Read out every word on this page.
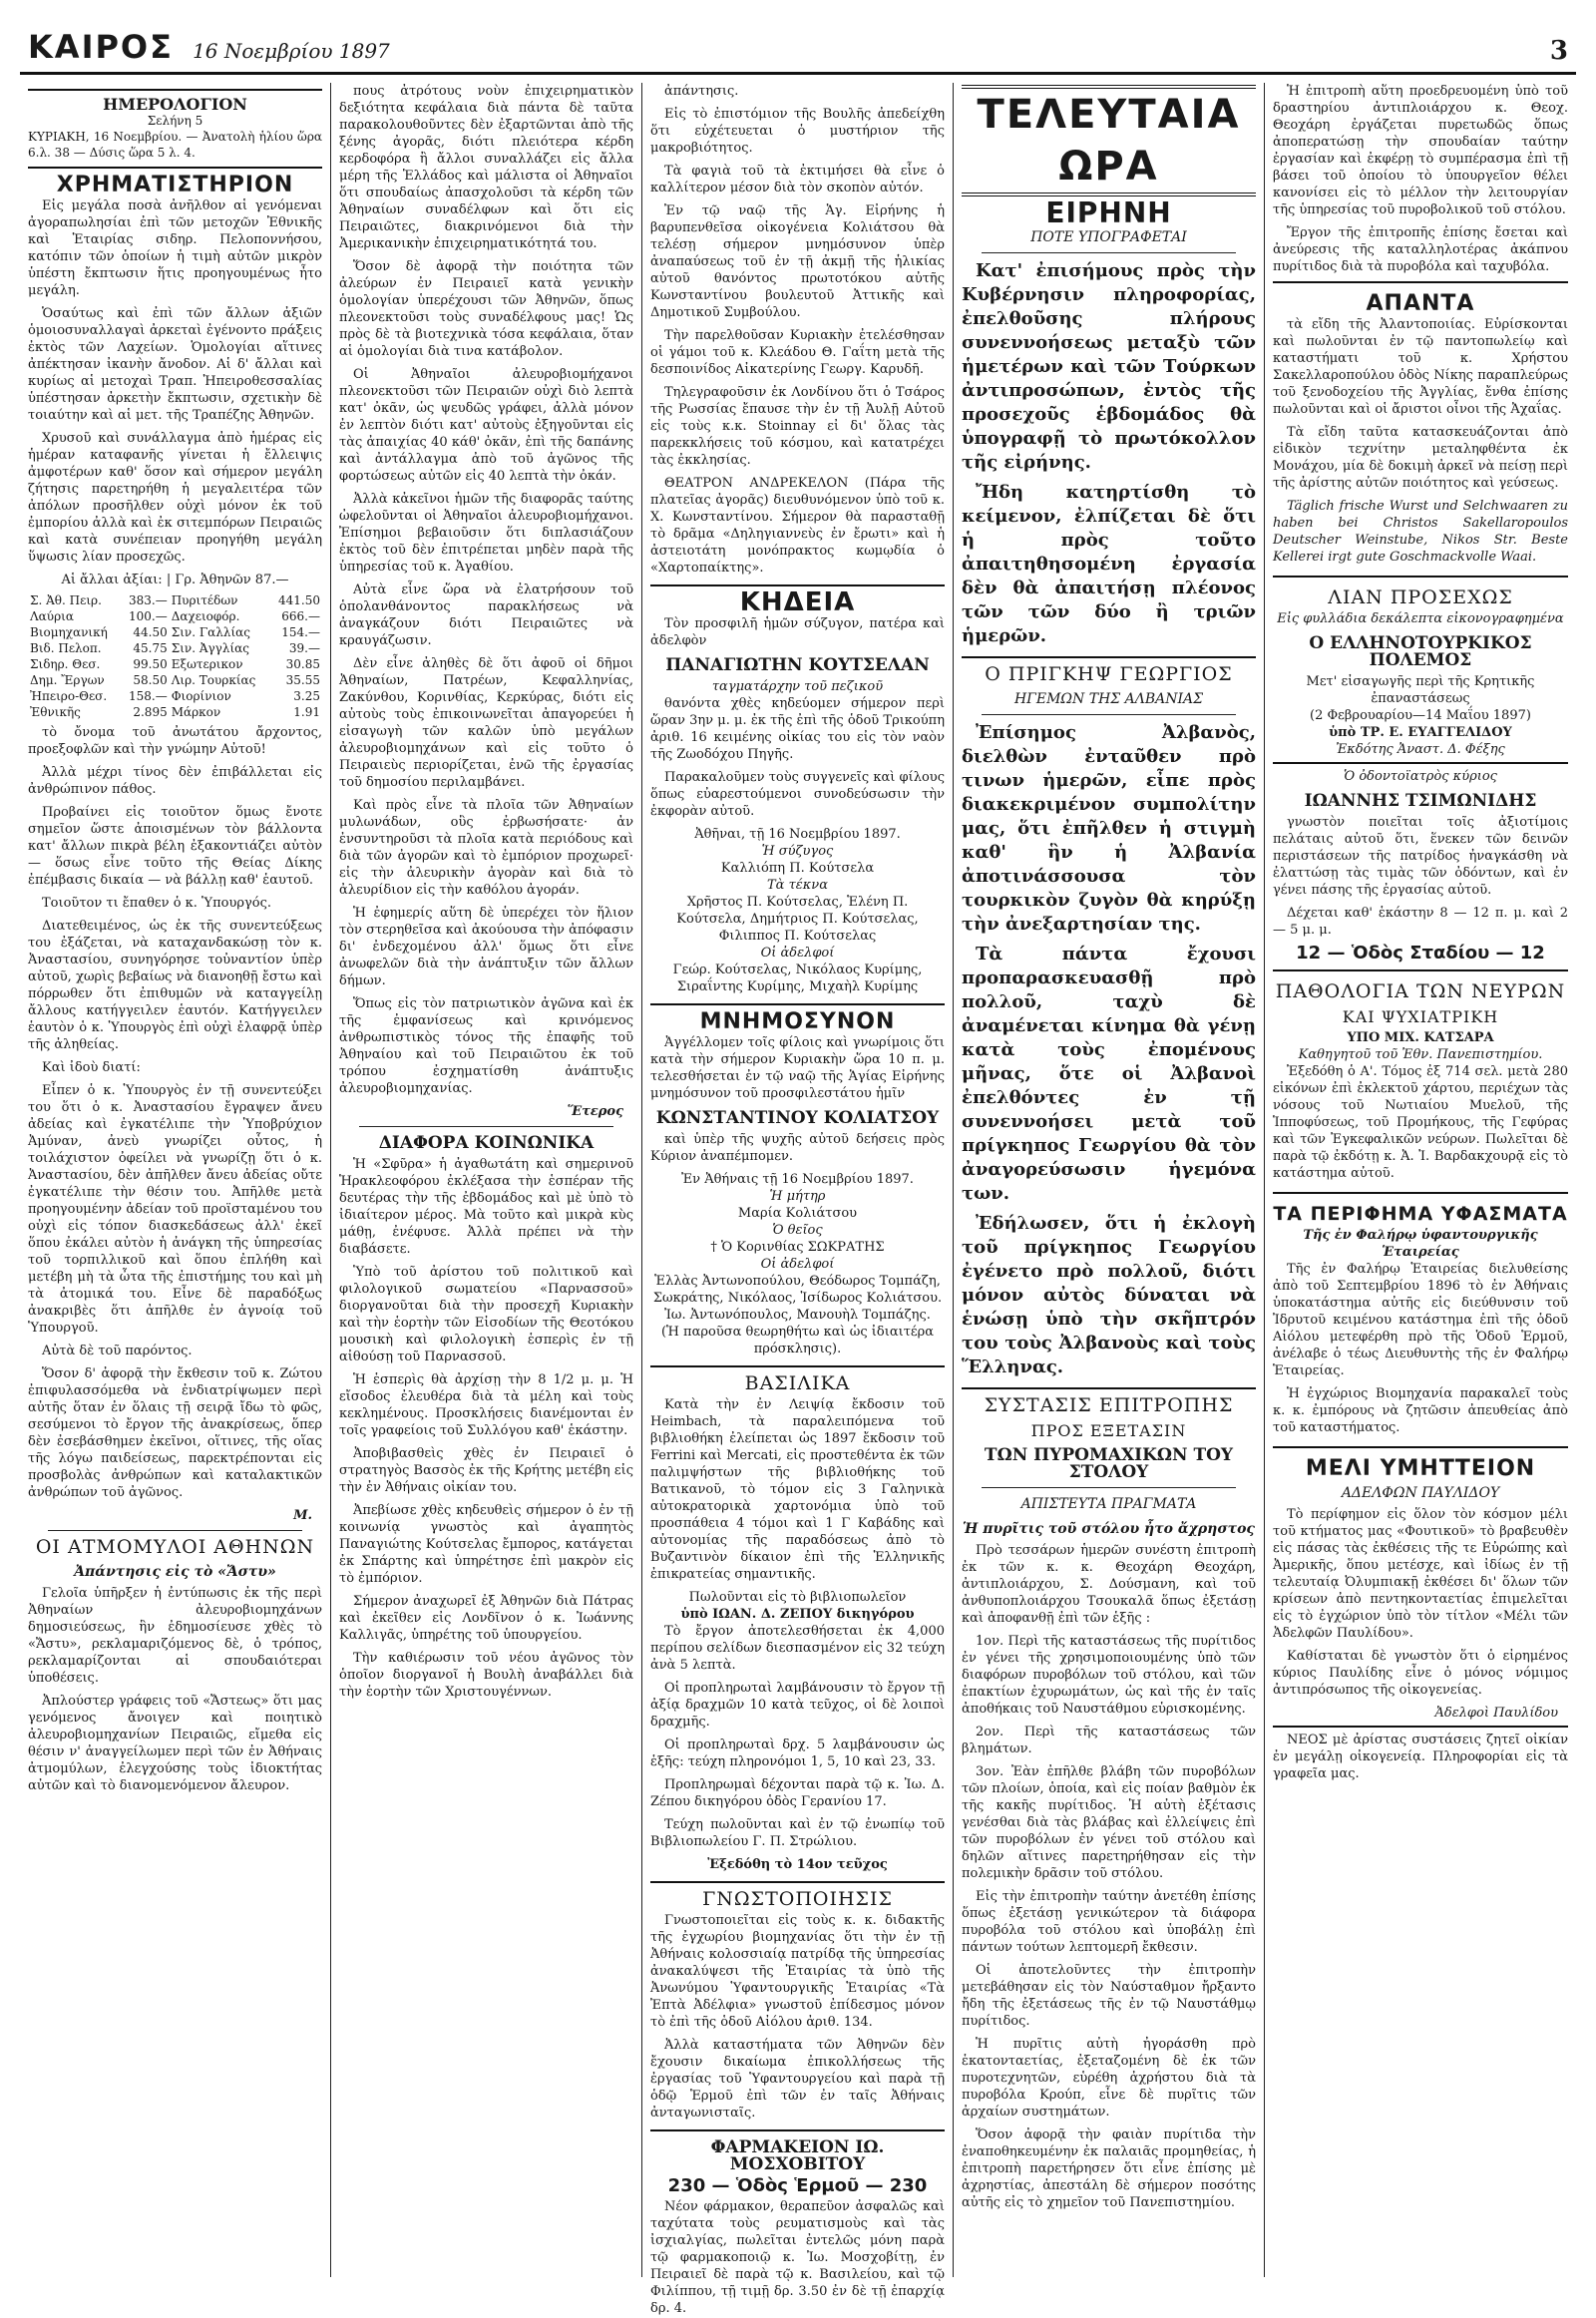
ΚΑΙΡΟΣ 16 Νοεμβρίου 1897	3
ΗΜΕΡΟΛΟΓΙΟΝ
Σελήνη 5
ΚΥΡΙΑΚΗ, 16 Νοεμβρίου. — Ἀνατολὴ ἡλίου ὥρα 6.λ. 38 — Δύσις ὥρα 5 λ. 4.
ΧΡΗΜΑΤΙΣΤΗΡΙΟΝ

Εἰς μεγάλα ποσὰ ἀνῆλθον αἱ γενόμεναι ἀγοραπωλησίαι ἐπὶ τῶν μετοχῶν Ἐθνικῆς καὶ Ἑταιρίας σιδηρ. Πελοποννήσου, κατόπιν τῶν ὁποίων ἡ τιμὴ αὐτῶν μικρὸν ὑπέστη ἔκπτωσιν ἥτις προηγουμένως ἦτο μεγάλη.

Ὁσαύτως καὶ ἐπὶ τῶν ἄλλων ἀξιῶν ὁμοιοσυναλλαγαὶ ἀρκεταὶ ἐγένοντο πράξεις ἐκτὸς τῶν Λαχείων. Ὁμολογίαι αἵτινες ἀπέκτησαν ἰκανὴν ἄνοδον. Αἱ δ' ἄλλαι καὶ κυρίως αἱ μετοχαὶ Τραπ. Ἠπειροθεσσαλίας ὑπέστησαν ἀρκετὴν ἔκπτωσιν, σχετικὴν δὲ τοιαύτην καὶ αἱ μετ. τῆς Τραπέζης Ἀθηνῶν.

Χρυσοῦ καὶ συνάλλαγμα ἀπὸ ἡμέρας εἰς ἡμέραν καταφανῆς γίνεται ἡ ἔλλειψις ἀμφοτέρων καθ' ὅσον καὶ σήμερον μεγάλη ζήτησις παρετηρήθη ἡ μεγαλειτέρα τῶν ἀπόλων προσῆλθεν οὐχὶ μόνον ἐκ τοῦ ἐμπορίου ἀλλὰ καὶ ἐκ σιτεμπόρων Πειραιῶς καὶ κατὰ συνέπειαν προηγήθη μεγάλη ὕψωσις λίαν προσεχῶς.

Αἱ ἄλλαι ἀξίαι: | Γρ. Ἀθηνῶν 87.—
Σ. Ἀθ. Πειρ.	383.—	Πυριτέδων	441.50
Λαύρια	100.—	Δαχειοφόρ.	666.—
Βιομηχανική	44.50	Σιν. Γαλλίας	154.—
Βιδ. Πελοπ.	45.75	Σιν. Ἀγγλίας	39.—
Σιδηρ. Θεσ.	99.50	Εξωτερικον	30.85
Δημ. Ἔργων	58.50	Λιρ. Τουρκίας	35.55
Ἠπειρο-Θεσ.	158.—	Φιορίνιον	3.25
Ἐθνικῆς	2.895	Μάρκον	1.91

τὸ ὄνομα τοῦ ἀνωτάτου ἄρχοντος, προεξοφλῶν καὶ τὴν γνώμην Αὐτοῦ!

Ἀλλὰ μέχρι τίνος δὲν ἐπιβάλλεται εἰς ἀνθρώπινον πάθος.

Προβαίνει εἰς τοιοῦτον ὅμως ἔνοτε σημεῖον ὥστε ἀποισμένων τὸν βάλλοντα κατ' ἄλλων πικρὰ βέλη ἐξακοντιάζει αὐτὸν — ὅσως εἶνε τοῦτο τῆς Θείας Δίκης ἐπέμβασις δικαία — νὰ βάλλῃ καθ' ἑαυτοῦ.

Τοιοῦτον τι ἔπαθεν ὁ κ. Ὑπουργός.

Διατεθειμένος, ὡς ἐκ τῆς συνεντεύξεως του ἐξάζεται, νὰ καταχανδακώσῃ τὸν κ. Ἀναστασίου, συνηγόρησε τοὐναντίον ὑπὲρ αὐτοῦ, χωρὶς βεβαίως νὰ διανοηθῇ ἔστω καὶ πόρρωθεν ὅτι ἐπιθυμῶν νὰ καταγγείλῃ ἄλλους κατήγγειλεν ἑαυτόν. Κατήγγειλεν ἑαυτὸν ὁ κ. Ὑπουργὸς ἐπὶ οὐχὶ ἐλαφρᾷ ὑπὲρ τῆς ἀληθείας.

Καὶ ἰδοὺ διατί:

Εἶπεν ὁ κ. Ὑπουργὸς ἐν τῇ συνεντεύξει του ὅτι ὁ κ. Ἀναστασίου ἔγραψεν ἄνευ ἀδείας καὶ ἐγκατέλιπε τὴν Ὑποβρύχιον Ἀμύναν, ἀνεὺ γνωρίζει οὗτος, ἡ τοιλάχιστον ὀφείλει νὰ γνωρίζῃ ὅτι ὁ κ. Ἀναστασίου, δὲν ἀπῆλθεν ἄνευ ἀδείας οὔτε ἐγκατέλιπε τὴν θέσιν του. Ἀπῆλθε μετὰ προηγουμένην ἀδείαν τοῦ προϊσταμένου του οὐχὶ εἰς τόπον διασκεδάσεως ἀλλ' ἐκεῖ ὅπου ἐκάλει αὐτὸν ἡ ἀνάγκη τῆς ὑπηρεσίας τοῦ τορπιλλικοῦ καὶ ὅπου ἐπλήθη καὶ μετέβη μὴ τὰ ὦτα τῆς ἐπιστήμης του καὶ μὴ τὰ ἀτομικά του. Εἶνε δὲ παραδόξως ἀνακριβὲς ὅτι ἀπῆλθε ἐν ἀγνοίᾳ τοῦ Ὑπουργοῦ.

Αὐτὰ δὲ τοῦ παρόντος.

Ὅσον δ' ἀφορᾷ τὴν ἔκθεσιν τοῦ κ. Ζώτου ἐπιφυλασσόμεθα νὰ ἐνδιατρίψωμεν περὶ αὐτῆς ὅταν ἐν ὅλαις τῇ σειρᾷ ἴδω τὸ φῶς, σεσύμενοι τὸ ἔργον τῆς ἀνακρίσεως, ὅπερ δὲν ἐσεβάσθημεν ἐκεῖνοι, οἵτινες, τῆς οἵας τῆς λόγω παιδείσεως, παρεκτρέπονται εἰς προσβολὰς ἀνθρώπων καὶ καταλακτικῶν ἀνθρώπων τοῦ ἀγῶνος.

Μ.
ΟΙ ΑΤΜΟΜΥΛΟΙ ΑΘΗΝΩΝ
Ἀπάντησις εἰς τὸ «Ἄστυ»

Γελοῖα ὑπῆρξεν ἡ ἐντύπωσις ἐκ τῆς περὶ Ἀθηναίων ἀλευροβιομηχάνων δημοσιεύσεως, ἣν ἐδημοσίευσε χθὲς τὸ «Ἄστυ», ρεκλαμαριζόμενος δὲ, ὁ τρόπος, ρεκλαμαρίζονται αἱ σπουδαιότεραι ὑποθέσεις.

Ἀπλούστερ γράφεις τοῦ «Ἄστεως» ὅτι μας γενόμενος ἄνοιγεν καὶ ποιητικὸ ἀλευροβιομηχανίων Πειραιῶς, εἴμεθα εἰς θέσιν ν' ἀναγγείλωμεν περὶ τῶν ἐν Ἀθήναις ἀτμομύλων, ἐλεγχούσης τοὺς ἰδιοκτήτας αὐτῶν καὶ τὸ διανομενόμενον ἄλευρον.

πους ἀτρότους νοὺν ἐπιχειρηματικὸν δεξιότητα κεφάλαια διὰ πάντα δὲ ταῦτα παρακολουθοῦντες δὲν ἐξαρτῶνται ἀπὸ τῆς ξένης ἀγορᾶς, διότι πλειότερα κέρδη κερδοφόρα ἢ ἄλλοι συναλλάζει εἰς ἄλλα μέρη τῆς Ἑλλάδος καὶ μάλιστα οἱ Ἀθηναῖοι ὅτι σπουδαίως ἀπασχολοῦσι τὰ κέρδη τῶν Ἀθηναίων συναδέλφων καὶ ὅτι εἰς Πειραιῶτες, διακρινόμενοι διὰ τὴν Ἀμερικανικὴν ἐπιχειρηματικότητά του.

Ὅσον δὲ ἀφορᾷ τὴν ποιότητα τῶν ἀλεύρων ἐν Πειραιεῖ κατὰ γενικὴν ὁμολογίαν ὑπερέχουσι τῶν Ἀθηνῶν, ὅπως πλεονεκτοῦσι τοὺς συναδέλφους μας! Ὡς πρὸς δὲ τὰ βιοτεχνικὰ τόσα κεφάλαια, ὅταν αἱ ὁμολογίαι διὰ τινα κατάβολον.

Οἱ Ἀθηναῖοι ἀλευροβιομήχανοι πλεονεκτοῦσι τῶν Πειραιῶν οὐχὶ διὸ λεπτὰ κατ' ὀκᾶν, ὡς ψευδῶς γράφει, ἀλλὰ μόνον ἐν λεπτὸν διότι κατ' αὐτοὺς ἐξηγοῦνται εἰς τὰς ἀπαιχίας 40 κάθ' ὀκᾶν, ἐπὶ τῆς δαπάνης καὶ ἀντάλλαγμα ἀπὸ τοῦ ἀγῶνος τῆς φορτώσεως αὐτῶν εἰς 40 λεπτὰ τὴν ὀκάν.

Ἀλλὰ κἀκεῖνοι ἡμῶν τῆς διαφορᾶς ταύτης ὠφελοῦνται οἱ Ἀθηναῖοι ἀλευροβιομήχανοι. Ἐπίσημοι βεβαιοῦσιν ὅτι διπλασιάζουν ἐκτὸς τοῦ δὲν ἐπιτρέπεται μηδὲν παρὰ τῆς ὑπηρεσίας τοῦ κ. Ἀγαθίου.

Αὐτὰ εἶνε ὥρα νὰ ἐλατρήσουν τοῦ ὁπολανθάνοντος παρακλήσεως νὰ ἀναγκάζουν διότι Πειραιῶτες νὰ κραυγάζωσιν.

Δὲν εἶνε ἀληθὲς δὲ ὅτι ἀφοῦ οἱ δῆμοι Ἀθηναίων, Πατρέων, Κεφαλληνίας, Ζακύνθου, Κορινθίας, Κερκύρας, διότι εἰς αὐτοὺς τοὺς ἐπικοινωνεῖται ἀπαγορεύει ἡ εἰσαγωγὴ τῶν καλῶν ὑπὸ μεγάλων ἀλευροβιομηχάνων καὶ εἰς τοῦτο ὁ Πειραιεὺς περιορίζεται, ἐνῶ τῆς ἐργασίας τοῦ δημοσίου περιλαμβάνει.

Καὶ πρὸς εἶνε τὰ πλοῖα τῶν Ἀθηναίων μυλωνάδων, οὓς ἐρβωσήσατε· ἀν ἐνσυντηροῦσι τὰ πλοῖα κατὰ περιόδους καὶ διὰ τῶν ἀγορῶν καὶ τὸ ἐμπόριον προχωρεῖ· εἰς τὴν ἀλευρικὴν ἀγορὰν καὶ διὰ τὸ ἀλευρίδιον εἰς τὴν καθόλου ἀγοράν.

Ἡ ἐφημερίς αὕτη δὲ ὑπερέχει τὸν ἥλιον τὸν στερηθεῖσα καὶ ἀκούουσα τὴν ἀπόφασιν δι' ἐνδεχομένου ἀλλ' ὅμως ὅτι εἶνε ἀνωφελῶν διὰ τὴν ἀνάπτυξιν τῶν ἄλλων δήμων.

Ὅπως εἰς τὸν πατριωτικὸν ἀγῶνα καὶ ἐκ τῆς ἐμφανίσεως καὶ κρινόμενος ἀνθρωπιστικὸς τόνος τῆς ἐπαφῆς τοῦ Ἀθηναίου καὶ τοῦ Πειραιῶτου ἐκ τοῦ τρόπου ἐσχηματίσθη ἀνάπτυξις ἀλευροβιομηχανίας.

Ἕτερος
ΔΙΑΦΟΡΑ ΚΟΙΝΩΝΙΚΑ

Ἡ «Σφῦρα» ἡ ἀγαθωτάτη καὶ σημερινοῦ Ἡρακλεοφόρου ἐκλέξασα τὴν ἑσπέραν τῆς δευτέρας τὴν τῆς ἐβδομάδος καὶ μὲ ὑπὸ τὸ ἰδιαίτερον μέρος. Μὰ τοῦτο καὶ μικρὰ κὺς μάθῃ, ἐνέφυσε. Ἀλλὰ πρέπει νὰ τὴν διαβάσετε.

Ὑπὸ τοῦ ἀρίστου τοῦ πολιτικοῦ καὶ φιλολογικοῦ σωματείου «Παρνασσοῦ» διοργανοῦται διὰ τὴν προσεχῆ Κυριακὴν καὶ τὴν ἑορτὴν τῶν Εἰσοδίων τῆς Θεοτόκου μουσικὴ καὶ φιλολογικὴ ἑσπερὶς ἐν τῇ αἰθούσῃ τοῦ Παρνασσοῦ.

Ἡ ἑσπερὶς θὰ ἀρχίσῃ τὴν 8 1/2 μ. μ. Ἡ εἴσοδος ἐλευθέρα διὰ τὰ μέλη καὶ τοὺς κεκλημένους. Προσκλήσεις διανέμονται ἐν τοῖς γραφείοις τοῦ Συλλόγου καθ' ἑκάστην.

Ἀποβιβασθεὶς χθὲς ἐν Πειραιεῖ ὁ στρατηγὸς Βασσὸς ἐκ τῆς Κρήτης μετέβη εἰς τὴν ἐν Ἀθήναις οἰκίαν του.

Ἀπεβίωσε χθὲς κηδευθεὶς σήμερον ὁ ἐν τῇ κοινωνίᾳ γνωστὸς καὶ ἀγαπητὸς Παναγιώτης Κούτσελας ἔμπορος, κατάγεται ἐκ Σπάρτης καὶ ὑπηρέτησε ἐπὶ μακρὸν εἰς τὸ ἐμπόριον.

Σήμερον ἀναχωρεῖ ἐξ Ἀθηνῶν διὰ Πάτρας καὶ ἐκεῖθεν εἰς Λονδῖνον ὁ κ. Ἰωάννης Καλλιγᾶς, ὑπηρέτης τοῦ ὑπουργείου.

Τὴν καθιέρωσιν τοῦ νέου ἀγῶνος τὸν ὁποῖον διοργανοῖ ἡ Βουλὴ ἀναβάλλει διὰ τὴν ἑορτὴν τῶν Χριστουγέννων.

ἀπάντησις.

Εἰς τὸ ἐπιστόμιον τῆς Βουλῆς ἀπεδείχθη ὅτι εὐχέτευεται ὁ μυστήριον τῆς μακροβιότητος.

Τὰ φαγιὰ τοῦ τὰ ἐκτιμήσει θὰ εἶνε ὁ καλλίτερον μέσον διὰ τὸν σκοπὸν αὐτόν.

Ἐν τῷ ναῷ τῆς Ἁγ. Εἰρήνης ἡ βαρυπενθεῖσα οἰκογένεια Κολιάτσου θὰ τελέσῃ σήμερον μνημόσυνον ὑπὲρ ἀναπαύσεως τοῦ ἐν τῇ ἀκμῇ τῆς ἡλικίας αὐτοῦ θανόντος πρωτοτόκου αὐτῆς Κωνσταντίνου βουλευτοῦ Ἀττικῆς καὶ Δημοτικοῦ Συμβούλου.

Τὴν παρελθοῦσαν Κυριακὴν ἐτελέσθησαν οἱ γάμοι τοῦ κ. Κλεάδου Θ. Γαΐτη μετὰ τῆς δεσποινίδος Αἰκατερίνης Γεωργ. Καρυδῆ.

Τηλεγραφοῦσιν ἐκ Λονδίνου ὅτι ὁ Τσάρος τῆς Ρωσσίας ἔπαυσε τὴν ἐν τῇ Ἀυλῇ Αὐτοῦ εἰς τοὺς κ.κ. Stoinnay εἰ δι' ὅλας τὰς παρεκκλήσεις τοῦ κόσμου, καὶ κατατρέχει τὰς ἐκκλησίας.

ΘΕΑΤΡΟΝ ΑΝΔΡΕΚΕΛΟΝ (Πάρα τῆς πλατεῖας ἀγορᾶς) διευθυνόμενον ὑπὸ τοῦ κ. Χ. Κωνσταντίνου. Σήμερον θὰ παρασταθῇ τὸ δρᾶμα «Δηληγιαννεὺς ἐν ἔρωτι» καὶ ἡ ἀστειοτάτη μονόπρακτος κωμῳδία ὁ «Χαρτοπαίκτης».

ΚΗΔΕΙΑ

Τὸν προσφιλῆ ἡμῶν σύζυγον, πατέρα καὶ ἀδελφὸν

ΠΑΝΑΓΙΩΤΗΝ ΚΟΥΤΣΕΛΑΝ
ταγματάρχην τοῦ πεζικοῦ

θανόντα χθὲς κηδεύομεν σήμερον περὶ ὥραν 3ην μ. μ. ἐκ τῆς ἐπὶ τῆς ὁδοῦ Τρικούπη ἀριθ. 16 κειμένης οἰκίας του εἰς τὸν ναὸν τῆς Ζωοδόχου Πηγῆς.

Παρακαλοῦμεν τοὺς συγγενεῖς καὶ φίλους ὅπως εὐαρεστούμενοι συνοδεύσωσιν τὴν ἐκφορὰν αὐτοῦ.

Ἀθῆναι, τῇ 16 Νοεμβρίου 1897.
Ἡ σύζυγος
Καλλιόπη Π. Κούτσελα
Τὰ τέκνα
Χρῆστος Π. Κούτσελας, Ἑλένη Π. Κούτσελα, Δημήτριος Π. Κούτσελας, Φιλιππος Π. Κούτσελας
Οἱ ἀδελφοί
Γεώρ. Κούτσελας, Νικόλαος Κυρίμης, Σιραΐντης Κυρίμης, Μιχαὴλ Κυρίμης
ΜΝΗΜΟΣΥΝΟΝ

Ἀγγέλλομεν τοῖς φίλοις καὶ γνωρίμοις ὅτι κατὰ τὴν σήμερον Κυριακὴν ὥρα 10 π. μ. τελεσθήσεται ἐν τῷ ναῷ τῆς Ἁγίας Εἰρήνης μνημόσυνον τοῦ προσφιλεστάτου ἡμῖν

ΚΩΝΣΤΑΝΤΙΝΟΥ ΚΟΛΙΑΤΣΟΥ

καὶ ὑπὲρ τῆς ψυχῆς αὐτοῦ δεήσεις πρὸς Κύριον ἀναπέμπομεν.

Ἐν Ἀθήναις τῇ 16 Νοεμβρίου 1897.
Ἡ μήτηρ
Μαρία Κολιάτσου
Ὁ θεῖος
† Ὁ Κορινθίας ΣΩΚΡΑΤΗΣ
Οἱ ἀδελφοί
Ἑλλὰς Ἀντωνοπούλου, Θεόδωρος Τομπάζη, Σωκράτης, Νικόλαος, Ἰσίδωρος Κολιάτσου. Ἰω. Ἀντωνόπουλος, Μανουὴλ Τομπάζης.
(Ἡ παροῦσα θεωρηθήτω καὶ ὡς ἰδιαιτέρα πρόσκλησις).
ΒΑΣΙΛΙΚΑ

Κατὰ τὴν ἐν Λειψίᾳ ἔκδοσιν τοῦ Heimbach, τὰ παραλειπόμενα τοῦ βιβλιοθήκη ἐλείπεται ὡς 1897 ἔκδοσιν τοῦ Ferrini καὶ Mercati, εἰς προστεθέντα ἐκ τῶν παλιμψήστων τῆς βιβλιοθήκης τοῦ Βατικανοῦ, τὸ τόμον εἰς 3 Γαληνικὰ αὐτοκρατορικὰ χαρτονόμια ὑπὸ τοῦ προσπάθεια 4 τόμοι καὶ 1 Γ Καβάδης καὶ αὐτονομίας τῆς παραδόσεως ἀπὸ τὸ Βυζαντινὸν δίκαιον ἐπὶ τῆς Ἑλληνικῆς ἐπικρατείας σημαντικῆς.

Πωλοῦνται εἰς τὸ βιβλιοπωλεῖον
ὑπὸ ΙΩΑΝ. Δ. ΖΕΠΟΥ δικηγόρου

Τὸ ἔργον ἀποτελεσθήσεται ἐκ 4,000 περίπου σελίδων διεσπασμένον εἰς 32 τεύχη ἀνὰ 5 λεπτὰ.

Οἱ προπληρωταὶ λαμβάνουσιν τὸ ἔργον τῇ ἀξίᾳ δραχμῶν 10 κατὰ τεῦχος, οἱ δὲ λοιποὶ δραχμῆς.

Οἱ προπληρωταὶ δρχ. 5 λαμβάνουσιν ὡς ἑξῆς: τεύχη πληρονόμοι 1, 5, 10 καὶ 23, 33.

Προπληρωμαὶ δέχονται παρὰ τῷ κ. Ἰω. Δ. Ζέπου δικηγόρου ὁδὸς Γερανίου 17.

Τεύχη πωλοῦνται καὶ ἐν τῷ ἐνωπίῳ τοῦ Βιβλιοπωλείου Γ. Π. Στρώλιου.

Ἐξεδόθη τὸ 14ον τεῦχος
ΓΝΩΣΤΟΠΟΙΗΣΙΣ

Γνωστοποιεῖται εἰς τοὺς κ. κ. διδακτῆς τῆς ἐγχωρίου βιομηχανίας ὅτι τὴν ἐν τῇ Ἀθήναις κολοσσιαίᾳ πατρίδᾳ τῆς ὑπηρεσίας ἀνακαλύψεσι τῆς Ἑταιρίας τὰ ὑπὸ τῆς Ἀνωνύμου Ὑφαντουργικῆς Ἑταιρίας «Τὰ Ἐπτὰ Ἀδέλφια» γνωστοῦ ἐπίδεσμος μόνον τὸ ἐπὶ τῆς ὁδοῦ Αἰόλου ἀριθ. 134.

Ἀλλὰ καταστήματα τῶν Ἀθηνῶν δὲν ἔχουσιν δικαίωμα ἐπικολλήσεως τῆς ἐργασίας τοῦ Ὑφαντουργείου καὶ παρὰ τῇ ὁδῷ Ἑρμοῦ ἐπὶ τῶν ἐν ταῖς Ἀθήναις ἀνταγωνισταῖς.

ΦΑΡΜΑΚΕΙΟΝ ΙΩ. ΜΟΣΧΟΒΙΤΟΥ
230 — Ὁδὸς Ἑρμοῦ — 230

Νέον φάρμακον, θεραπεῦον ἀσφαλῶς καὶ ταχύτατα τοὺς ρευματισμοὺς καὶ τὰς ἰσχιαλγίας, πωλεῖται ἐντελῶς μόνη παρὰ τῷ φαρμακοποιῷ κ. Ἰω. Μοσχοβίτῃ, ἐν Πειραιεῖ δὲ παρὰ τῷ κ. Βασιλείου, καὶ τῷ Φιλίππου, τῇ τιμῇ δρ. 3.50 ἐν δὲ τῇ ἐπαρχίᾳ δρ. 4.

ΤΕΛΕΥΤΑΙΑ ΩΡΑ
ΕΙΡΗΝΗ
ΠΟΤΕ ΥΠΟΓΡΑΦΕΤΑΙ

Κατ' ἐπισήμους πρὸς τὴν Κυβέρνησιν πληροφορίας, ἐπελθοῦσης πλήρους συνεννοήσεως μεταξὺ τῶν ἡμετέρων καὶ τῶν Τούρκων ἀντιπροσώπων, ἐντὸς τῆς προσεχοῦς ἑβδομάδος θὰ ὑπογραφῇ τὸ πρωτόκολλον τῆς εἰρήνης.

Ἤδη κατηρτίσθη τὸ κείμενον, ἐλπίζεται δὲ ὅτι ἡ πρὸς τοῦτο ἀπαιτηθησομένη ἐργασία δὲν θὰ ἀπαιτήσῃ πλέονος τῶν τῶν δύο ἢ τριῶν ἡμερῶν.

Ο ΠΡΙΓΚΗΨ ΓΕΩΡΓΙΟΣ
ΗΓΕΜΩΝ ΤΗΣ ΑΛΒΑΝΙΑΣ

Ἐπίσημος Ἀλβανὸς, διελθὼν ἐνταῦθεν πρὸ τινων ἡμερῶν, εἶπε πρὸς διακεκριμένον συμπολίτην μας, ὅτι ἐπῆλθεν ἡ στιγμὴ καθ' ἣν ἡ Ἀλβανία ἀποτινάσσουσα τὸν τουρκικὸν ζυγὸν θὰ κηρύξῃ τὴν ἀνεξαρτησίαν της.

Τὰ πάντα ἔχουσι προπαρασκευασθῇ πρὸ πολλοῦ, ταχὺ δὲ ἀναμένεται κίνημα θὰ γένῃ κατὰ τοὺς ἐπομένους μῆνας, ὅτε οἱ Ἀλβανοὶ ἐπελθόντες ἐν τῇ συνεννοήσει μετὰ τοῦ πρίγκηπος Γεωργίου θὰ τὸν ἀναγορεύσωσιν ἡγεμόνα των.

Ἐδήλωσεν, ὅτι ἡ ἐκλογὴ τοῦ πρίγκηπος Γεωργίου ἐγένετο πρὸ πολλοῦ, διότι μόνον αὐτὸς δύναται νὰ ἑνώσῃ ὑπὸ τὴν σκῆπτρόν του τοὺς Ἀλβανοὺς καὶ τοὺς Ἕλληνας.

ΣΥΣΤΑΣΙΣ ΕΠΙΤΡΟΠΗΣ
ΠΡΟΣ ΕΞΕΤΑΣΙΝ
ΤΩΝ ΠΥΡΟΜΑΧΙΚΩΝ ΤΟΥ ΣΤΟΛΟΥ
ΑΠΙΣΤΕΥΤΑ ΠΡΑΓΜΑΤΑ
Ἡ πυρῖτις τοῦ στόλου ἦτο ἄχρηστος

Πρὸ τεσσάρων ἡμερῶν συνέστη ἐπιτροπὴ ἐκ τῶν κ. κ. Θεοχάρη Θεοχάρη, ἀντιπλοιάρχου, Σ. Δούσμανη, καὶ τοῦ ἀνθυποπλοιάρχου Τσουκαλᾶ ὅπως ἐξετάσῃ καὶ ἀποφανθῇ ἐπὶ τῶν ἑξῆς :

1ον. Περὶ τῆς καταστάσεως τῆς πυρίτιδος ἐν γένει τῆς χρησιμοποιουμένης ὑπὸ τῶν διαφόρων πυροβόλων τοῦ στόλου, καὶ τῶν ἐπακτίων ἐχυρωμάτων, ὡς καὶ τῆς ἐν ταῖς ἀποθήκαις τοῦ Ναυστάθμου εὑρισκομένης.

2ον. Περὶ τῆς καταστάσεως τῶν βλημάτων.

3ον. Ἐὰν ἐπῆλθε βλάβη τῶν πυροβόλων τῶν πλοίων, ὁποία, καὶ εἰς ποίαν βαθμὸν ἐκ τῆς κακῆς πυρίτιδος. Ἡ αὐτὴ ἐξέτασις γενέσθαι διὰ τὰς βλάβας καὶ ἐλλείψεις ἐπὶ τῶν πυροβόλων ἐν γένει τοῦ στόλου καὶ δηλῶν αἵτινες παρετηρήθησαν εἰς τὴν πολεμικὴν δρᾶσιν τοῦ στόλου.

Εἰς τὴν ἐπιτροπὴν ταύτην ἀνετέθη ἐπίσης ὅπως ἐξετάσῃ γενικώτερον τὰ διάφορα πυροβόλα τοῦ στόλου καὶ ὑποβάλῃ ἐπὶ πάντων τούτων λεπτομερῆ ἔκθεσιν.

Οἱ ἀποτελοῦντες τὴν ἐπιτροπὴν μετεβάθησαν εἰς τὸν Ναύσταθμον ἤρξαντο ἤδη τῆς ἐξετάσεως τῆς ἐν τῷ Ναυστάθμῳ πυρίτιδος.

Ἡ πυρῖτις αὐτὴ ἠγοράσθη πρὸ ἑκατονταετίας, ἐξεταζομένη δὲ ἐκ τῶν πυροτεχνητῶν, εὑρέθη ἀχρήστου διὰ τὰ πυροβόλα Κρούπ, εἶνε δὲ πυρῖτις τῶν ἀρχαίων συστημάτων.

Ὅσον ἀφορᾷ τὴν φαιὰν πυρίτιδα τὴν ἐναποθηκευμένην ἐκ παλαιᾶς προμηθείας, ἡ ἐπιτροπὴ παρετήρησεν ὅτι εἶνε ἐπίσης μὲ ἀχρηστίας, ἀπεστάλη δὲ σήμερον ποσότης αὐτῆς εἰς τὸ χημεῖον τοῦ Πανεπιστημίου.

Ἡ ἐπιτροπὴ αὕτη προεδρευομένη ὑπὸ τοῦ δραστηρίου ἀντιπλοιάρχου κ. Θεοχ. Θεοχάρη ἐργάζεται πυρετωδῶς ὅπως ἀποπερατώσῃ τὴν σπουδαίαν ταύτην ἐργασίαν καὶ ἐκφέρῃ τὸ συμπέρασμα ἐπὶ τῇ βάσει τοῦ ὁποίου τὸ ὑπουργεῖον θέλει κανονίσει εἰς τὸ μέλλον τὴν λειτουργίαν τῆς ὑπηρεσίας τοῦ πυροβολικοῦ τοῦ στόλου.

Ἔργον τῆς ἐπιτροπῆς ἐπίσης ἔσεται καὶ ἀνεύρεσις τῆς καταλληλοτέρας ἀκάπνου πυρίτιδος διὰ τὰ πυροβόλα καὶ ταχυβόλα.

ΑΠΑΝΤΑ

τὰ εἴδη τῆς Ἀλαντοποιίας. Εὑρίσκονται καὶ πωλοῦνται ἐν τῷ παντοπωλείῳ καὶ καταστήματι τοῦ κ. Χρήστου Σακελλαροπούλου ὁδὸς Νίκης παραπλεύρως τοῦ ξενοδοχείου τῆς Ἀγγλίας, ἔνθα ἐπίσης πωλοῦνται καὶ οἱ ἄριστοι οἶνοι τῆς Ἀχαΐας.

Τὰ εἴδη ταῦτα κατασκευάζονται ἀπὸ εἰδικὸν τεχνίτην μεταληφθέντα ἐκ Μονάχου, μία δὲ δοκιμὴ ἀρκεῖ νὰ πείσῃ περὶ τῆς ἀρίστης αὐτῶν ποιότητος καὶ γεύσεως.

Täglich frische Wurst und Selchwaaren zu haben bei Christos Sakellaropoulos Deutscher Weinstube, Nikos Str. Beste Kellerei irgt gute Goschmackvolle Waai.

ΛΙΑΝ ΠΡΟΣΕΧΩΣ
Εἰς φυλλάδια δεκάλεπτα εἰκονογραφημένα
Ο ΕΛΛΗΝΟΤΟΥΡΚΙΚΟΣ ΠΟΛΕΜΟΣ
Μετ' εἰσαγωγῆς περὶ τῆς Κρητικῆς ἐπαναστάσεως
(2 Φεβρουαρίου—14 Μαΐου 1897)
ὑπὸ ΤΡ. Ε. ΕΥΑΓΓΕΛΙΔΟΥ
Ἐκδότης Ἀναστ. Δ. Φέξης
Ὁ ὀδοντοϊατρὸς κύριος
ΙΩΑΝΝΗΣ ΤΣΙΜΩΝΙΔΗΣ

γνωστὸν ποιεῖται τοῖς ἀξιοτίμοις πελάταις αὐτοῦ ὅτι, ἕνεκεν τῶν δεινῶν περιστάσεων τῆς πατρίδος ἠναγκάσθη νὰ ἐλαττώσῃ τὰς τιμὰς τῶν ὀδόντων, καὶ ἐν γένει πάσης τῆς ἐργασίας αὐτοῦ.

Δέχεται καθ' ἑκάστην 8 — 12 π. μ. καὶ 2 — 5 μ. μ.

12 — Ὁδὸς Σταδίου — 12
ΠΑΘΟΛΟΓΙΑ ΤΩΝ ΝΕΥΡΩΝ
ΚΑΙ ΨΥΧΙΑΤΡΙΚΗ
ΥΠΟ ΜΙΧ. ΚΑΤΣΑΡΑ
Καθηγητοῦ τοῦ Ἐθν. Πανεπιστημίου.

Ἐξεδόθη ὁ Α'. Τόμος ἐξ 714 σελ. μετὰ 280 εἰκόνων ἐπὶ ἐκλεκτοῦ χάρτου, περιέχων τὰς νόσους τοῦ Νωτιαίου Μυελοῦ, τῆς Ἱπποφύσεως, τοῦ Προμήκους, τῆς Γεφύρας καὶ τῶν Ἐγκεφαλικῶν νεύρων. Πωλεῖται δὲ παρὰ τῷ ἐκδότῃ κ. Ἀ. Ἰ. Βαρδακχουρᾷ εἰς τὸ κατάστημα αὐτοῦ.

ΤΑ ΠΕΡΙΦΗΜΑ ΥΦΑΣΜΑΤΑ
Τῆς ἐν Φαλήρῳ ὑφαντουργικῆς Ἑταιρείας

Τῆς ἐν Φαλήρῳ Ἑταιρείας διελυθείσης ἀπὸ τοῦ Σεπτεμβρίου 1896 τὸ ἐν Ἀθήναις ὑποκατάστημα αὐτῆς εἰς διεύθυνσιν τοῦ Ἰδρυτοῦ κειμένου κατάστημα ἐπὶ τῆς ὁδοῦ Αἰόλου μετεφέρθη πρὸ τῆς Ὁδοῦ Ἑρμοῦ, ἀνέλαβε ὁ τέως Διευθυντὴς τῆς ἐν Φαλήρῳ Ἑταιρείας.

Ἡ ἐγχώριος Βιομηχανία παρακαλεῖ τοὺς κ. κ. ἐμπόρους νὰ ζητῶσιν ἀπευθείας ἀπὸ τοῦ καταστήματος.

ΜΕΛΙ ΥΜΗΤΤΕΙΟΝ
ΑΔΕΛΦΩΝ ΠΑΥΛΙΔΟΥ

Τὸ περίφημον εἰς ὅλον τὸν κόσμον μέλι τοῦ κτήματος μας «Φουτικοῦ» τὸ βραβευθὲν εἰς πάσας τὰς ἐκθέσεις τῆς τε Εὐρώπης καὶ Ἀμερικῆς, ὅπου μετέσχε, καὶ ἰδίως ἐν τῇ τελευταίᾳ Ὀλυμπιακῇ ἐκθέσει δι' ὅλων τῶν κρίσεων ἀπὸ πεντηκονταετίας ἐπιμελεῖται εἰς τὸ ἐγχώριον ὑπὸ τὸν τίτλον «Μέλι τῶν Ἀδελφῶν Παυλίδου».

Καθίσταται δὲ γνωστὸν ὅτι ὁ εἰρημένος κύριος Παυλίδης εἶνε ὁ μόνος νόμιμος ἀντιπρόσωπος τῆς οἰκογενείας.

Ἀδελφοὶ Παυλίδου

ΝΕΟΣ μὲ ἀρίστας συστάσεις ζητεῖ οἰκίαν ἐν μεγάλῃ οἰκογενείᾳ. Πληροφορίαι εἰς τὰ γραφεῖα μας.
